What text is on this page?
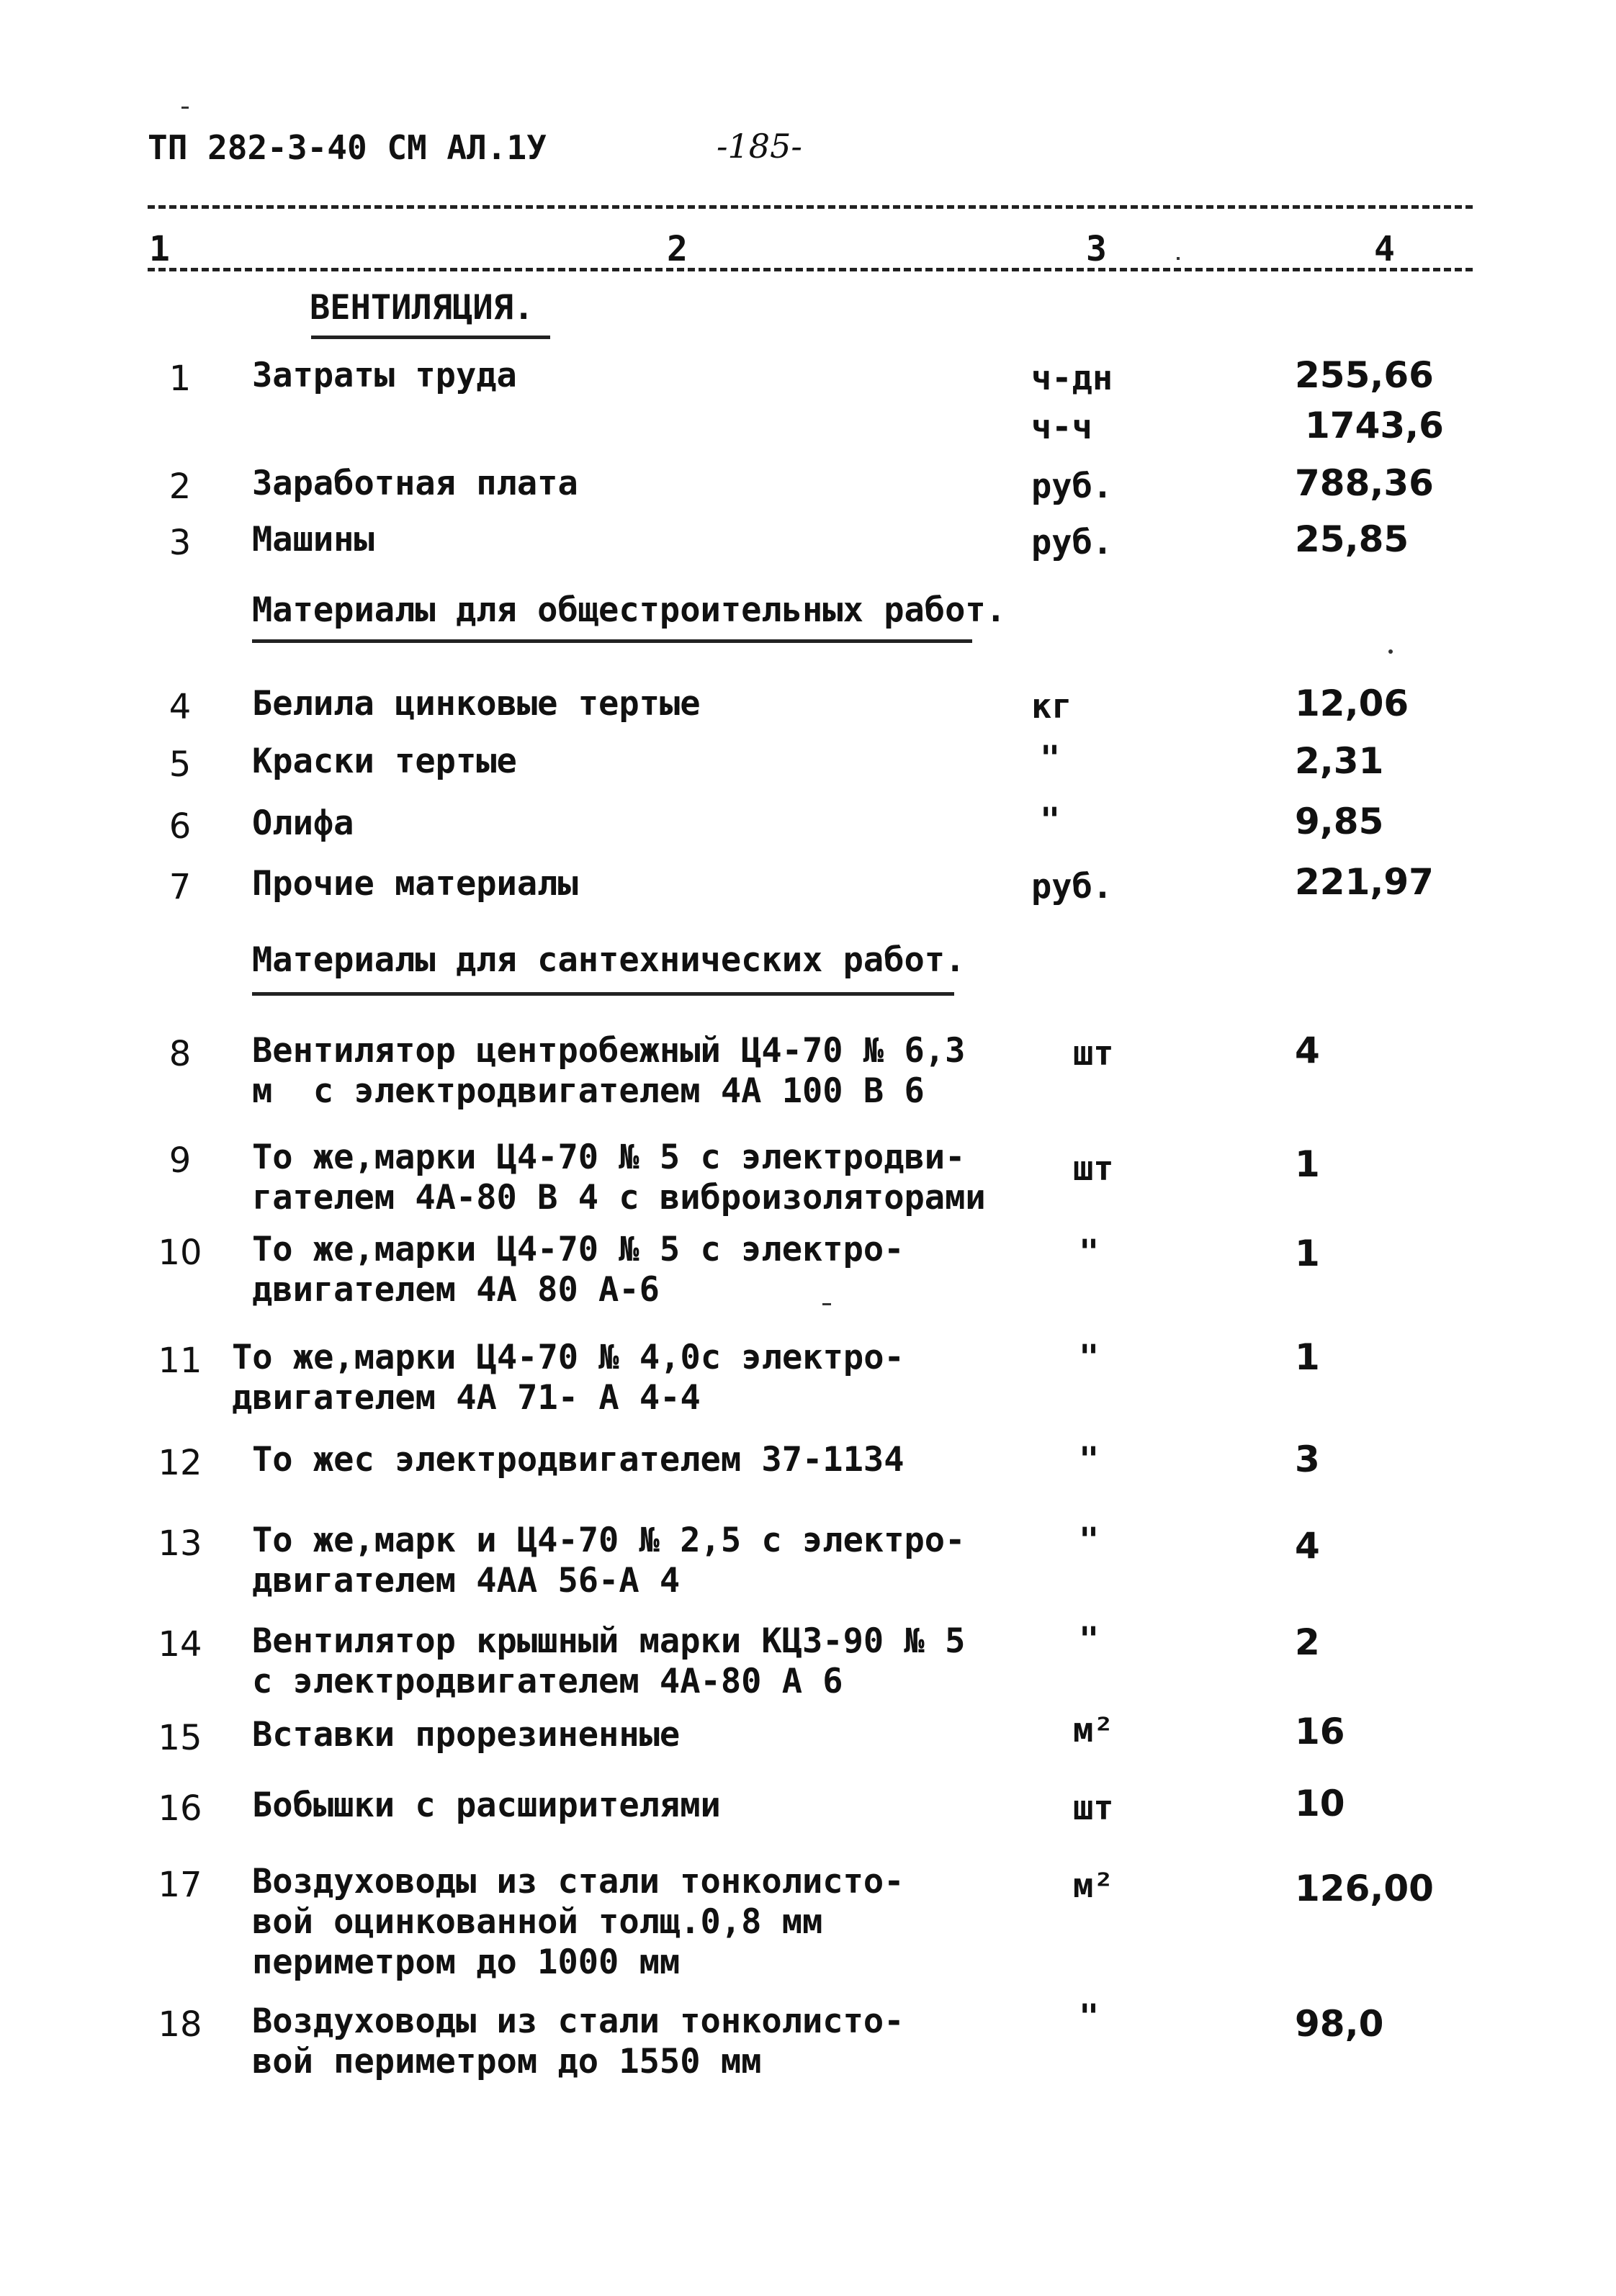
ТП 282-3-40 СМ АЛ.1У	-185-
1	2	3	4
ВЕНТИЛЯЦИЯ.
1	Затраты труда	ч-дн	255,66
ч-ч	1743,6
2	Заработная плата	руб.	788,36
3	Машины	руб.	25,85
Материалы для общестроительных работ.
4	Белила цинковые тертые	кг	12,06
5	Краски тертые	"	2,31
6	Олифа	"	9,85
7	Прочие материалы	руб.	221,97
Материалы для сантехнических работ.
8	Вентилятор центробежный Ц4-70 № 6,3
м  с электродвигателем 4А 100 В 6
шт	4
9	То же,марки Ц4-70 № 5 с электродви-
гателем 4А-80 В 4 с виброизоляторами
шт	1
10 То же,марки Ц4-70 № 5 с электро-
двигателем 4А 80 А-6
"	1
11 То же,марки Ц4-70 № 4,0с электро-
двигателем 4А 71- А 4-4
"	1
12 То жес электродвигателем 37-1134	"	3
13 То же,марк и Ц4-70 № 2,5 с электро-
двигателем 4АА 56-А 4
"	4
14 Вентилятор крышный марки КЦЗ-90 № 5
с электродвигателем 4А-80 А 6
"	2
15 Вставки прорезиненные	м²	16
16 Бобышки с расширителями	шт	10
17 Воздуховоды из стали тонколисто-
вой оцинкованной толщ.0,8 мм
периметром до 1000 мм
м²	126,00
18 Воздуховоды из стали тонколисто-
вой периметром до 1550 мм
"	98,0
